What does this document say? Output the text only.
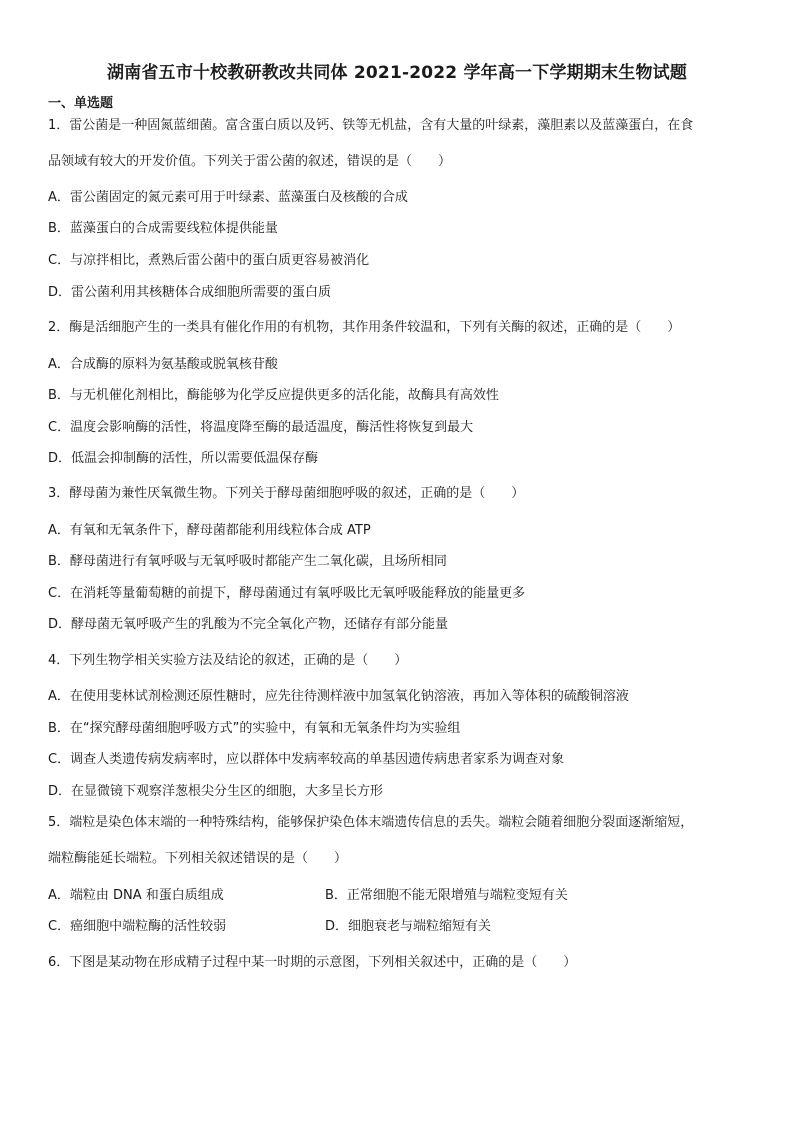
湖南省五市十校教研教改共同体 2021-2022 学年高一下学期期末生物试题
一、单选题
1．雷公菌是一种固氮蓝细菌。富含蛋白质以及钙、铁等无机盐，含有大量的叶绿素，藻胆素以及蓝藻蛋白，在食
品领域有较大的开发价值。下列关于雷公菌的叙述，错误的是（　　）
A．雷公菌固定的氮元素可用于叶绿素、蓝藻蛋白及核酸的合成
B．蓝藻蛋白的合成需要线粒体提供能量
C．与凉拌相比，煮熟后雷公菌中的蛋白质更容易被消化
D．雷公菌利用其核糖体合成细胞所需要的蛋白质
2．酶是活细胞产生的一类具有催化作用的有机物，其作用条件较温和，下列有关酶的叙述，正确的是（　　）
A．合成酶的原料为氨基酸或脱氧核苷酸
B．与无机催化剂相比，酶能够为化学反应提供更多的活化能，故酶具有高效性
C．温度会影响酶的活性，将温度降至酶的最适温度，酶活性将恢复到最大
D．低温会抑制酶的活性，所以需要低温保存酶
3．酵母菌为兼性厌氧微生物。下列关于酵母菌细胞呼吸的叙述，正确的是（　　）
A．有氧和无氧条件下，酵母菌都能利用线粒体合成 ATP
B．酵母菌进行有氧呼吸与无氧呼吸时都能产生二氧化碳，且场所相同
C．在消耗等量葡萄糖的前提下，酵母菌通过有氧呼吸比无氧呼吸能释放的能量更多
D．酵母菌无氧呼吸产生的乳酸为不完全氧化产物，还储存有部分能量
4．下列生物学相关实验方法及结论的叙述，正确的是（　　）
A．在使用斐林试剂检测还原性糖时，应先往待测样液中加氢氧化钠溶液，再加入等体积的硫酸铜溶液
B．在“探究酵母菌细胞呼吸方式”的实验中，有氧和无氧条件均为实验组
C．调查人类遗传病发病率时，应以群体中发病率较高的单基因遗传病患者家系为调查对象
D．在显微镜下观察洋葱根尖分生区的细胞，大多呈长方形
5．端粒是染色体末端的一种特殊结构，能够保护染色体末端遗传信息的丢失。端粒会随着细胞分裂面逐渐缩短，
端粒酶能延长端粒。下列相关叙述错误的是（　　）
A．端粒由 DNA 和蛋白质组成	B．正常细胞不能无限增殖与端粒变短有关
C．癌细胞中端粒酶的活性较弱	D．细胞衰老与端粒缩短有关
6．下图是某动物在形成精子过程中某一时期的示意图，下列相关叙述中，正确的是（　　）
